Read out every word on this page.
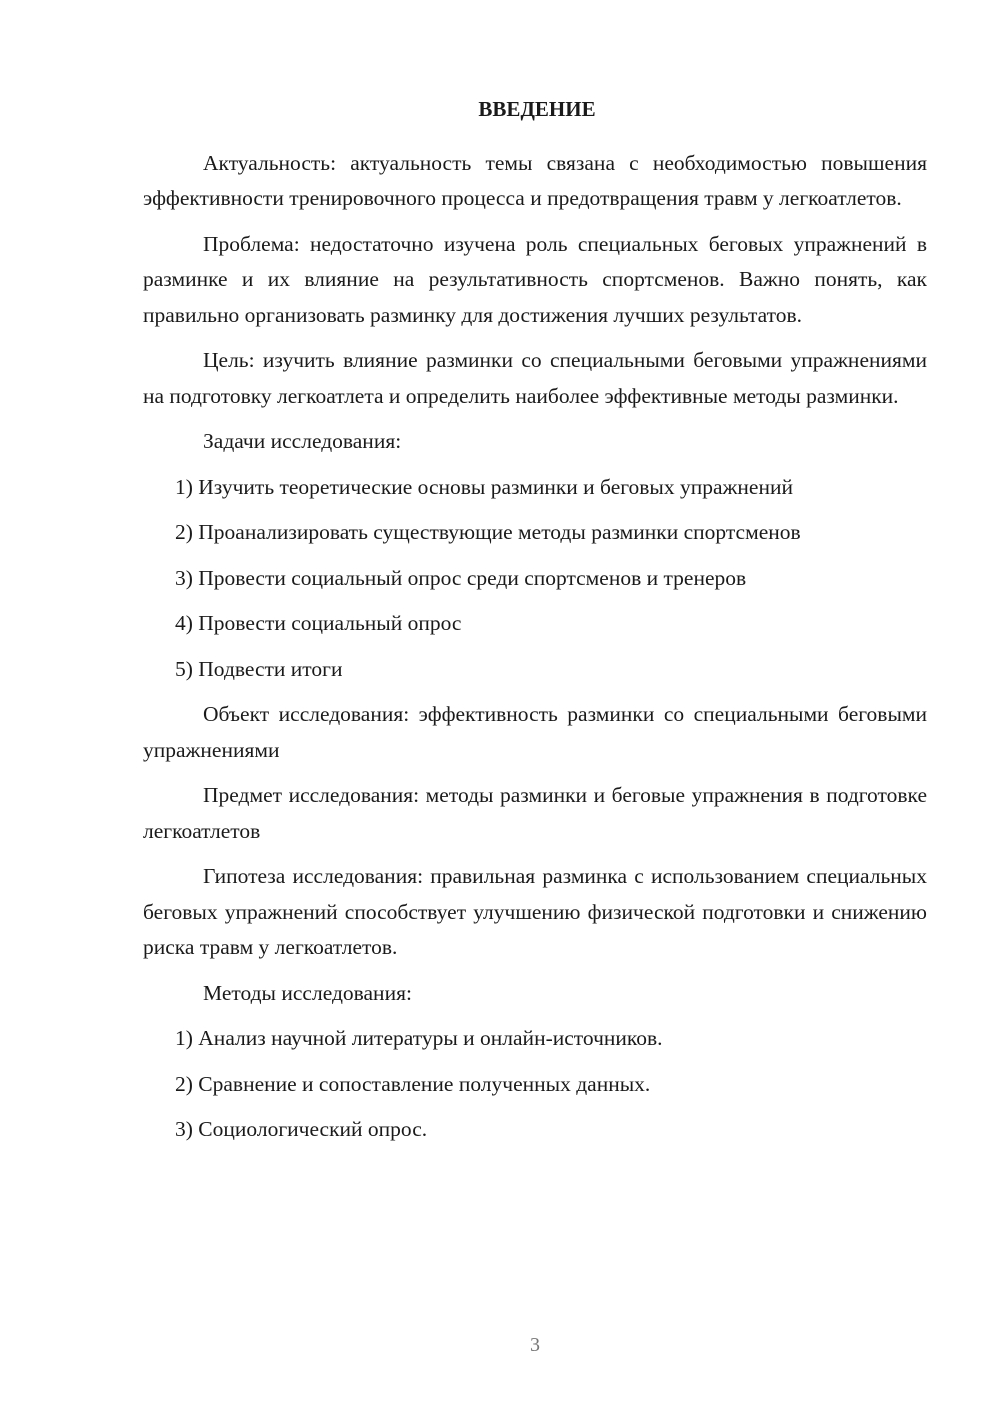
ВВЕДЕНИЕ

Актуальность: актуальность темы связана с необходимостью повышения эффективности тренировочного процесса и предотвращения травм у легкоатлетов.

Проблема: недостаточно изучена роль специальных беговых упражнений в разминке и их влияние на результативность спортсменов. Важно понять, как правильно организовать разминку для достижения лучших результатов.

Цель: изучить влияние разминки со специальными беговыми упражнениями на подготовку легкоатлета и определить наиболее эффективные методы разминки.

Задачи исследования:

1) Изучить теоретические основы разминки и беговых упражнений
2) Проанализировать существующие методы разминки спортсменов
3) Провести социальный опрос среди спортсменов и тренеров
4) Провести социальный опрос
5) Подвести итоги

Объект исследования: эффективность разминки со специальными беговыми упражнениями

Предмет исследования: методы разминки и беговые упражнения в подготовке легкоатлетов

Гипотеза исследования: правильная разминка с использованием специальных беговых упражнений способствует улучшению физической подготовки и снижению риска травм у легкоатлетов.

Методы исследования:

1) Анализ научной литературы и онлайн-источников.
2) Сравнение и сопоставление полученных данных.
3) Социологический опрос.
3
